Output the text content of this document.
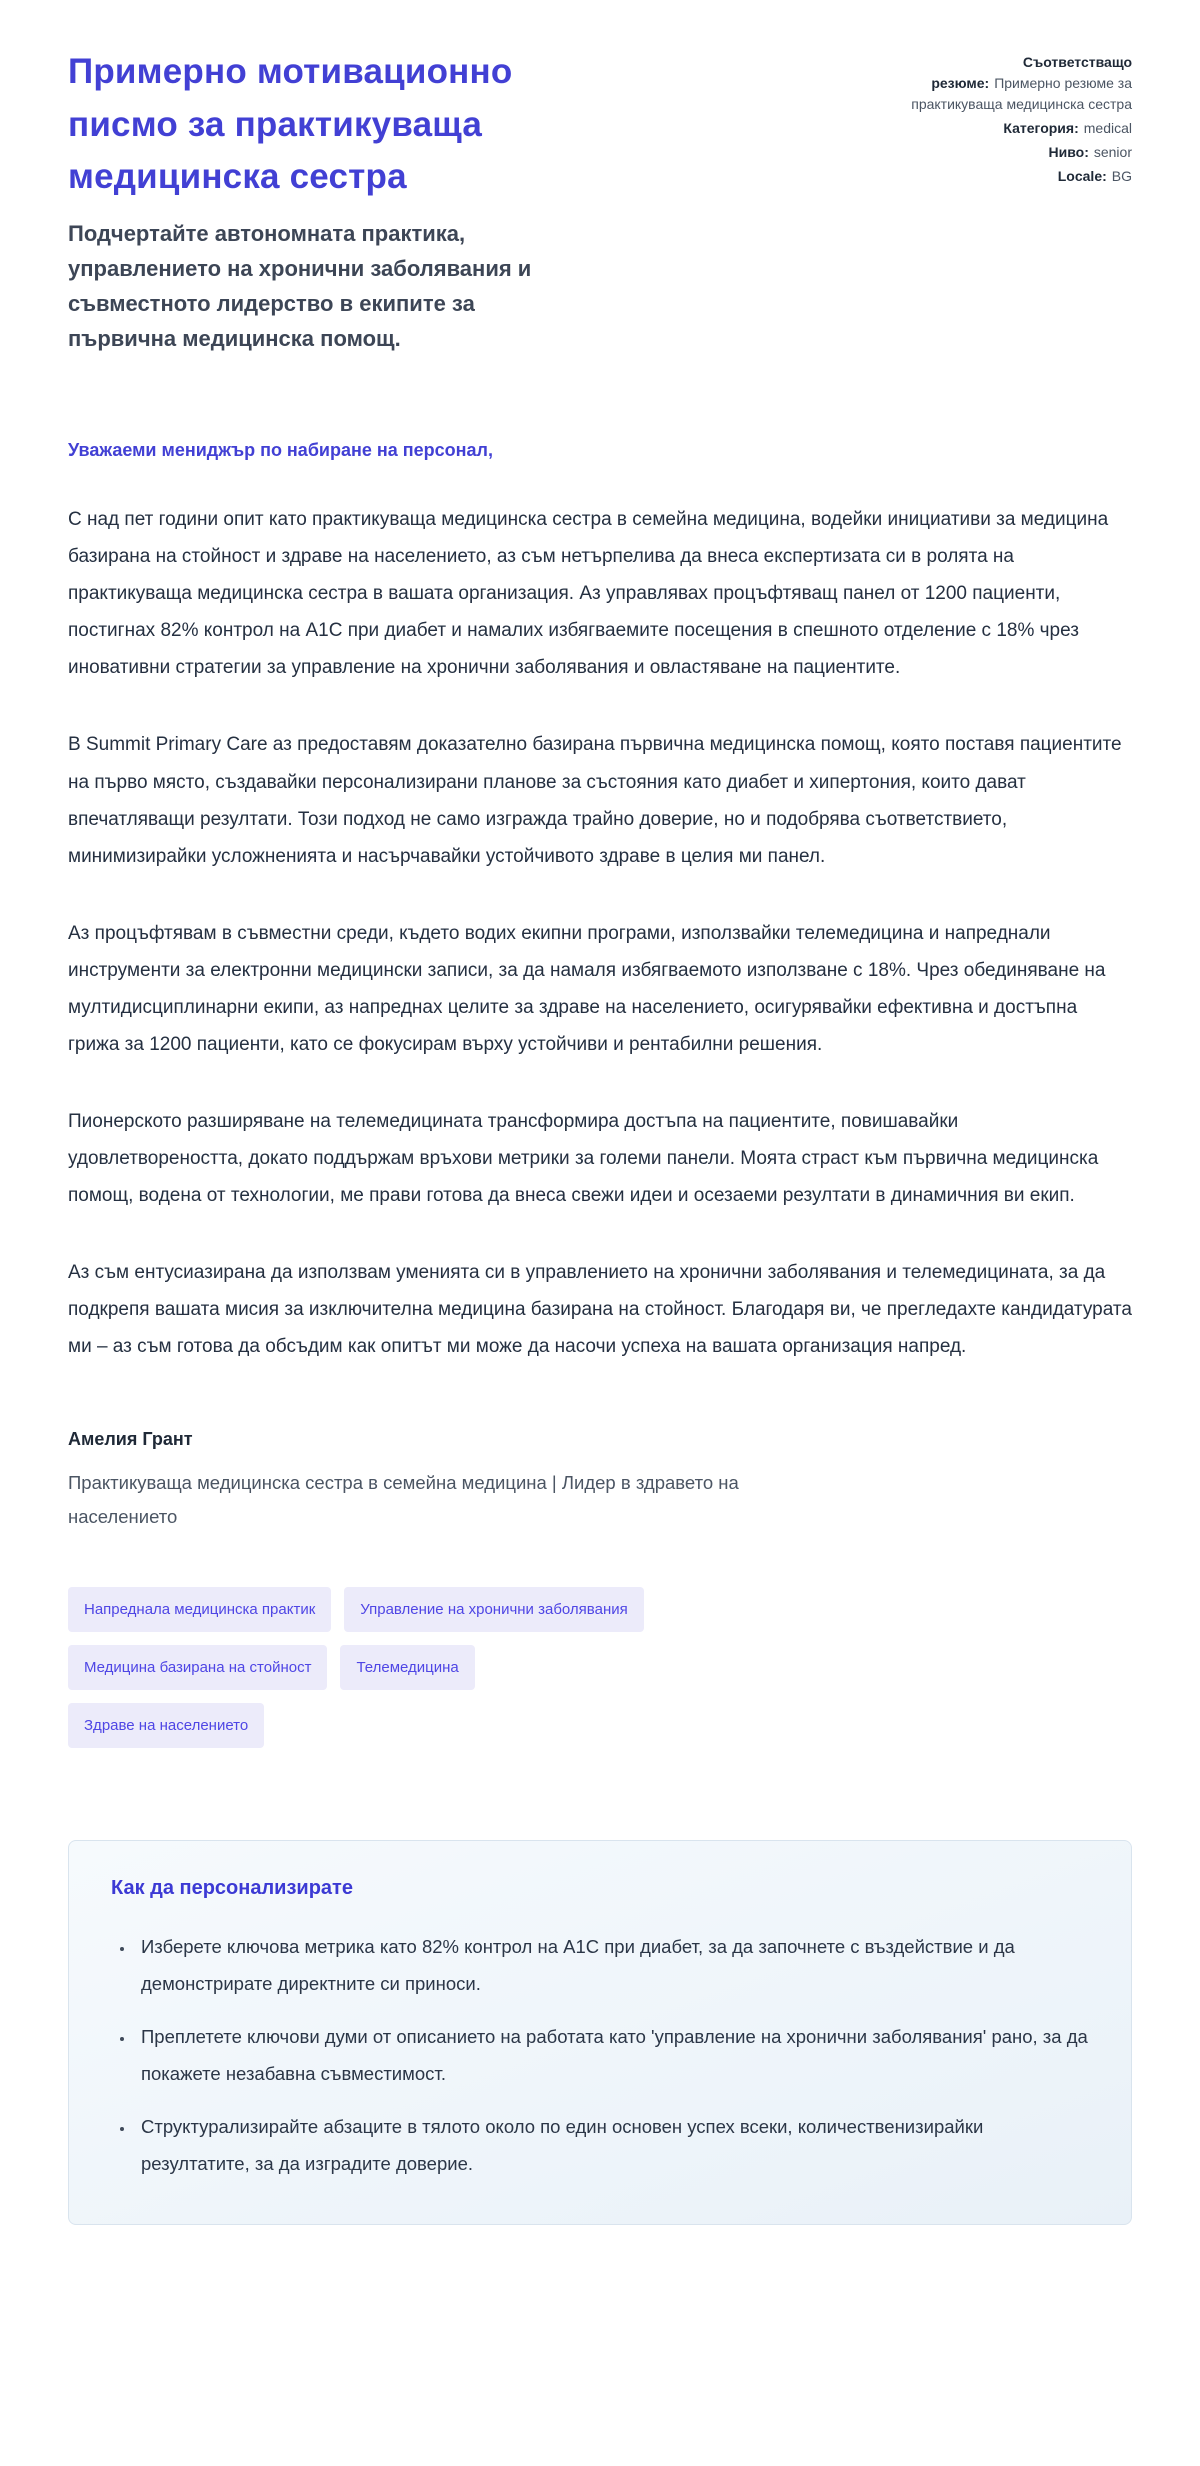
Примерно мотивационно писмо за практикуваща медицинска сестра

Подчертайте автономната практика, управлението на хронични заболявания и съвместното лидерство в екипите за първична медицинска помощ.

Съответстващо резюме: Примерно резюме за практикуваща медицинска сестра
Категория: medical
Ниво: senior
Locale: BG

Уважаеми мениджър по набиране на персонал,

С над пет години опит като практикуваща медицинска сестра в семейна медицина, водейки инициативи за медицина базирана на стойност и здраве на населението, аз съм нетърпелива да внеса експертизата си в ролята на практикуваща медицинска сестра в вашата организация. Аз управлявах процъфтяващ панел от 1200 пациенти, постигнах 82% контрол на A1C при диабет и намалих избягваемите посещения в спешното отделение с 18% чрез иновативни стратегии за управление на хронични заболявания и овластяване на пациентите.

В Summit Primary Care аз предоставям доказателно базирана първична медицинска помощ, която поставя пациентите на първо място, създавайки персонализирани планове за състояния като диабет и хипертония, които дават впечатляващи резултати. Този подход не само изгражда трайно доверие, но и подобрява съответствието, минимизирайки усложненията и насърчавайки устойчивото здраве в целия ми панел.

Аз процъфтявам в съвместни среди, където водих екипни програми, използвайки телемедицина и напреднали инструменти за електронни медицински записи, за да намаля избягваемото използване с 18%. Чрез обединяване на мултидисциплинарни екипи, аз напреднах целите за здраве на населението, осигурявайки ефективна и достъпна грижа за 1200 пациенти, като се фокусирам върху устойчиви и рентабилни решения.

Пионерското разширяване на телемедицината трансформира достъпа на пациентите, повишавайки удовлетвореността, докато поддържам връхови метрики за големи панели. Моята страст към първична медицинска помощ, водена от технологии, ме прави готова да внеса свежи идеи и осезаеми резултати в динамичния ви екип.

Аз съм ентусиазирана да използвам уменията си в управлението на хронични заболявания и телемедицината, за да подкрепя вашата мисия за изключителна медицина базирана на стойност. Благодаря ви, че прегледахте кандидатурата ми – аз съм готова да обсъдим как опитът ми може да насочи успеха на вашата организация напред.

Амелия Грант

Практикуваща медицинска сестра в семейна медицина | Лидер в здравето на населението

Напреднала медицинска практик	Управление на хронични заболявания
Медицина базирана на стойност	Телемедицина
Здраве на населението
Как да персонализирате
• Изберете ключова метрика като 82% контрол на A1C при диабет, за да започнете с въздействие и да демонстрирате директните си приноси.
• Преплетете ключови думи от описанието на работата като 'управление на хронични заболявания' рано, за да покажете незабавна съвместимост.
• Структурализирайте абзаците в тялото около по един основен успех всеки, количественизирайки резултатите, за да изградите доверие.
